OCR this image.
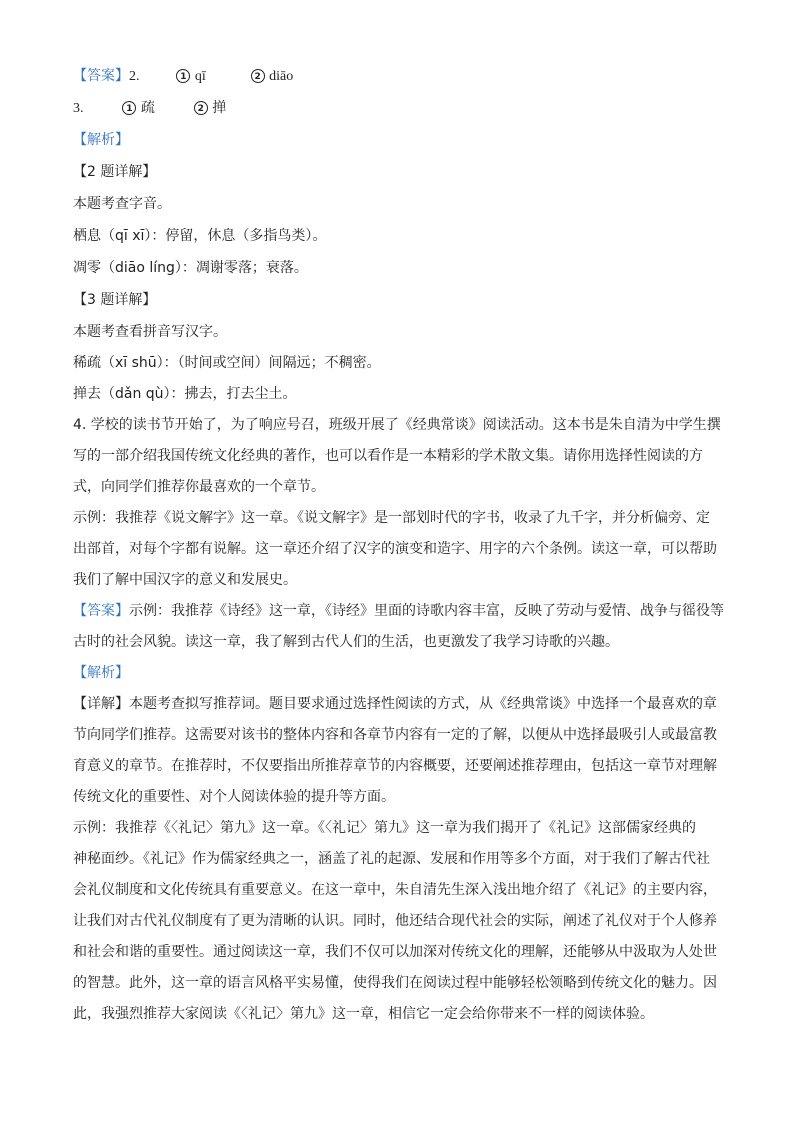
【答案】2.	1 qī	2 diāo
3.	1 疏	2 掸
【解析】
【2 题详解】
本题考查字音。
栖息（qī xī）：停留，休息（多指鸟类）。
凋零（diāo líng）：凋谢零落；衰落。
【3 题详解】
本题考查看拼音写汉字。
稀疏（xī shū）：（时间或空间）间隔远；不稠密。
掸去（dǎn qù）：拂去，打去尘土。
4. 学校的读书节开始了，为了响应号召，班级开展了《经典常谈》阅读活动。这本书是朱自清为中学生撰
写的一部介绍我国传统文化经典的著作，也可以看作是一本精彩的学术散文集。请你用选择性阅读的方
式，向同学们推荐你最喜欢的一个章节。
示例：我推荐《说文解字》这一章。《说文解字》是一部划时代的字书，收录了九千字，并分析偏旁、定
出部首，对每个字都有说解。这一章还介绍了汉字的演变和造字、用字的六个条例。读这一章，可以帮助
我们了解中国汉字的意义和发展史。
【答案】示例：我推荐《诗经》这一章，《诗经》里面的诗歌内容丰富，反映了劳动与爱情、战争与徭役等
古时的社会风貌。读这一章，我了解到古代人们的生活，也更激发了我学习诗歌的兴趣。
【解析】
【详解】本题考查拟写推荐词。题目要求通过选择性阅读的方式，从《经典常谈》中选择一个最喜欢的章
节向同学们推荐。这需要对该书的整体内容和各章节内容有一定的了解，以便从中选择最吸引人或最富教
育意义的章节。在推荐时，不仅要指出所推荐章节的内容概要，还要阐述推荐理由，包括这一章节对理解
传统文化的重要性、对个人阅读体验的提升等方面。
示例：我推荐《〈礼记〉第九》这一章。《〈礼记〉第九》这一章为我们揭开了《礼记》这部儒家经典的
神秘面纱。《礼记》作为儒家经典之一，涵盖了礼的起源、发展和作用等多个方面，对于我们了解古代社
会礼仪制度和文化传统具有重要意义。在这一章中，朱自清先生深入浅出地介绍了《礼记》的主要内容，
让我们对古代礼仪制度有了更为清晰的认识。同时，他还结合现代社会的实际，阐述了礼仪对于个人修养
和社会和谐的重要性。通过阅读这一章，我们不仅可以加深对传统文化的理解，还能够从中汲取为人处世
的智慧。此外，这一章的语言风格平实易懂，使得我们在阅读过程中能够轻松领略到传统文化的魅力。因
此，我强烈推荐大家阅读《〈礼记〉第九》这一章，相信它一定会给你带来不一样的阅读体验。
